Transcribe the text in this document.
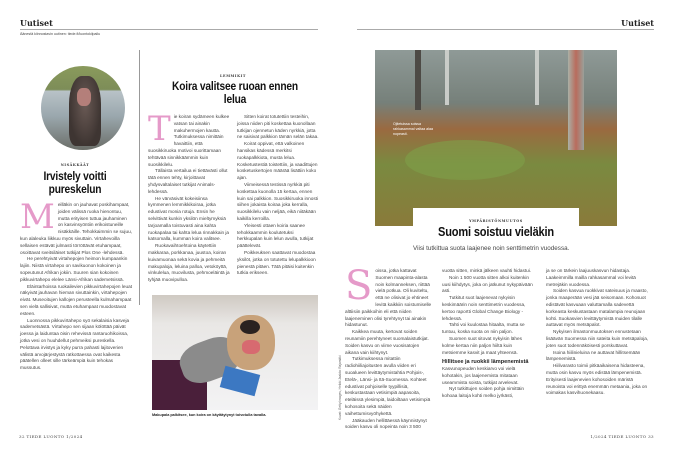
Uutiset
Äänestä kiinnostavin uutinen: tiede.fi/luontokilpailu
NISÄKKÄÄT
Irvistely voitti pureskelun
M eilläkin on jauhavat poskihampaat, joiden välissä ruoka hienontuu, mutta erityisen tuttua jauhaminen on kasvinsyöntiin erikoistuneille nisäkkäille. Tehokkaimmin se sujuu, kun alaleuka liikkuu myös sivuttain. Virtahevoilla sellaisen estävät julmasti törröttävät etuhampaat, osoittavat sveitsiläiset tutkijat Plos One -lehdessä.

He perehtyivät virtahepojen heimon kumpaankin lajiin. Niistä virtahepo on savikuonon kokoinen ja sopeutunut Afrikan jokiin. Suuren sian kokoinen pikkuvirtahepo elelee Länsi-Afrikan sademetsissä.

Eläintarhoissa ruokailevien pikkuvirtahepojen leuat näkyivät jauhavan hieman sivuttainkin, virtahepojen eivät. Museoitujen kallojen perusteella kulmahampaat sen vielä sallisivat, mutta etuhampaat muodostavat esteen.

Luonnossa pikkuvirtahepo syö sekalaisia kasveja sademetsästä. Virtahepo sen sijaan kölöttää päivät joessa ja laiduntaa öisin rehevissä rantaruohikoissa, jotka vesi on huuhdellut pehmeiksi pureskella. Pelottava irvistys ja kyky purra pahasti lajitoverien välistä arvojärjestystä ratkottaessa ovat kaikesta päätellen olleet sille tärkeämpiä kuin tehokas mussutus.

32 TIEDE LUONTO 1/2024
LEMMIKIT
Koira valitsee ruoan ennen lelua
T ie koiran sydämeen kulkee vatsan tai ainakin makuhermojen kautta. Tutkimuksessa nimittäin havaittiin, että suosikkiruoka motivoi suorittamaan tehtävää sinnikkäämmin kuin suosikkilelu.

Tällaista vertailua ei tiettävästi ollut tätä ennen tehty, kirjoittavat yhdysvaltalaiset tutkijat Animals-lehdessä.

He värväsivät kokeisiinsa kymmenen lemmikkikoiraa, jotka edustivat monia rotuja. Ensin he selvittivät kunkin yksilön mieltymyksiä tarjoamalla toistuvasti aina kahta ruokapalaa tai kahta lelua rinnakkain ja katsomalla, kumman koira valitsee.

Ruokavaihtoehtoina käytettiin makkaraa, porkkanaa, juustoa, koiran kuivamuonaa sekä kovia ja pehmeitä makupaloja, leluina palloa, vetoköyttä, vinkulelua, muovilusta, pehmoeläintä ja tyhjää muovipulloa.

Sitten koirat totutettiin testeihin, joissa niiden piti koskettaa kuonollaan tutkijan ojennetun käden nyrkkiä, jotta ne saisivat palkkion tämän selän takaa.

Koirat oppivat, että valkoinen hansikas kädessä merkitsi ruokapalkkiota, musta lelua. Kosketustestiä toistettiin, ja vaadittujen kosketuskertojen määrää lisättiin koko ajan.

Viimeisessä testissä nyrkkiä piti koskettaa kuonolla 15 kertaa, ennen kuin sai palkkion. Suosikkiruoka innosti siihen jokaista koiraa joka kerralla, suosikkilelu vain neljää, eikä niitäkään kaikilla kerroilla.

Yleisesti ottaen koiria saanee tehokkaammin koulutetuksi herkkupalan kuin lelun avulla, tutkijat päättelevät.

Poikkeuksen saattavat muodostaa yksilöt, jotka on totutettu lelupalkkioon pienestä pitäen. Tätä pitäisi kuitenkin tutkia erikseen.

Makupala palkitsee, kun koira on käyttäytynyt toivotulla tavalla.
Uutiset
Ojitetuissa soissa rahkasammal valtaa alaa nopeasti.
YMPÄRISTÖNMUUTOS
Suomi soistuu vieläkin
Viisi tutkittua suota laajenee noin senttimetrin vuodessa.
Kuvat: Getty Images, Heikki Jaakko Rajamäki
S oissa, jotka kattavat Suomen maapinta-alasta noin kolmanneksen, riittää vielä potkua. Oli kuviteltu, että ne olisivat jo ehtineet levitä kaikkiin soistumiselle alttiisiin paikkoihin eli että niiden laajeneminen olisi tyrehtynyt tai ainakin hidastunut.

Kaikkea muuta, kertovat soiden reunamiin perehtyneet suomalaistutkijat. Soiden kasvu on viime vuosisatojen aikana vain kiihtynyt.

Tutkimuksessa mitattiin radiohiiliajoitusten avulla viiden eri suoalueen levittäytymistahtia Pohjois-, Etelä-, Länsi- ja Itä-Suomessa. Kohteet edustivat pohjoiselle tyypillisiä, keskustastaan vetisimpiä aapasoita, eteläissä ylesimpiä, laidoiltaan vetisimpiä kohosoita sekä näiden vaihettumisvyöhykettä.

Jääkauden hellittäessä käynnistynyt soiden kasvu oli nopeinta noin 3 500

vuotta sitten, minkä jälkeen vauhti hidastui.

Noin 1 500 vuotta sitten alkoi kuitenkin uusi kiihdytys, joka on jatkunut nykypäivään asti.

Tutkitut suot laajenevat nykyisin keskimäärin noin senttimetrin vuodessa, kertoo raportti Global Change Biology -lehdessä.

Tahti voi kuulostaa hitaalta, mutta se tuntuu, koska suota on niin paljon.

Suomen suot sitovat nykyisin lähes kolme kertaa niin paljon hiiltä kuin metsiemme kasvit ja maat yhteensä.

Hillitsee ja ruokkii lämpenemistä

Kasvunopeuden keskiarvo voi vielä kohotakin, jos laajenemista mitataan useammista soista, tutkijat arvelevat.

Nyt tutkittujen soiden pohja nimittäin kohoaa laitoja kohti melko jyrkästi,

ja se on tärkein laajuuskasvun hidastaja. Laakeimmilla mailla rahkasammal voi levitä metrejäkin vuodessa.

Soiden kasvua ruokkivat sateisuus ja maasto, jonka maaperään vesi jää seisomaan. Kohosuot edistävät kasvuaan valuttamalla sadevettä korkeasta keskustastaan matalampia reunojaan kohti. Suokasvien levittäytymistä muiden tilalle auttavat myös metsäpalot.

Nykyisen ilmastonmuutoksen ennustetaan lisäävän Suomessa niin sateita kuin metsäpaloja, joten suot todennäköisesti porskuttavat.

Isoina hiilinieluina ne auttavat hillitsemään lämpenemistä.

Hiilivarasto toimii pitkäaikaisena hidasteena, mutta osin kasvu myös edistää lämpenemistä. Erityisesti laajenevien kohosoiden märistä reunoista voi erittyä enemmän metaania, joka on voimakas kasvihuonekaasu.

1/2024 TIEDE LUONTO 33
